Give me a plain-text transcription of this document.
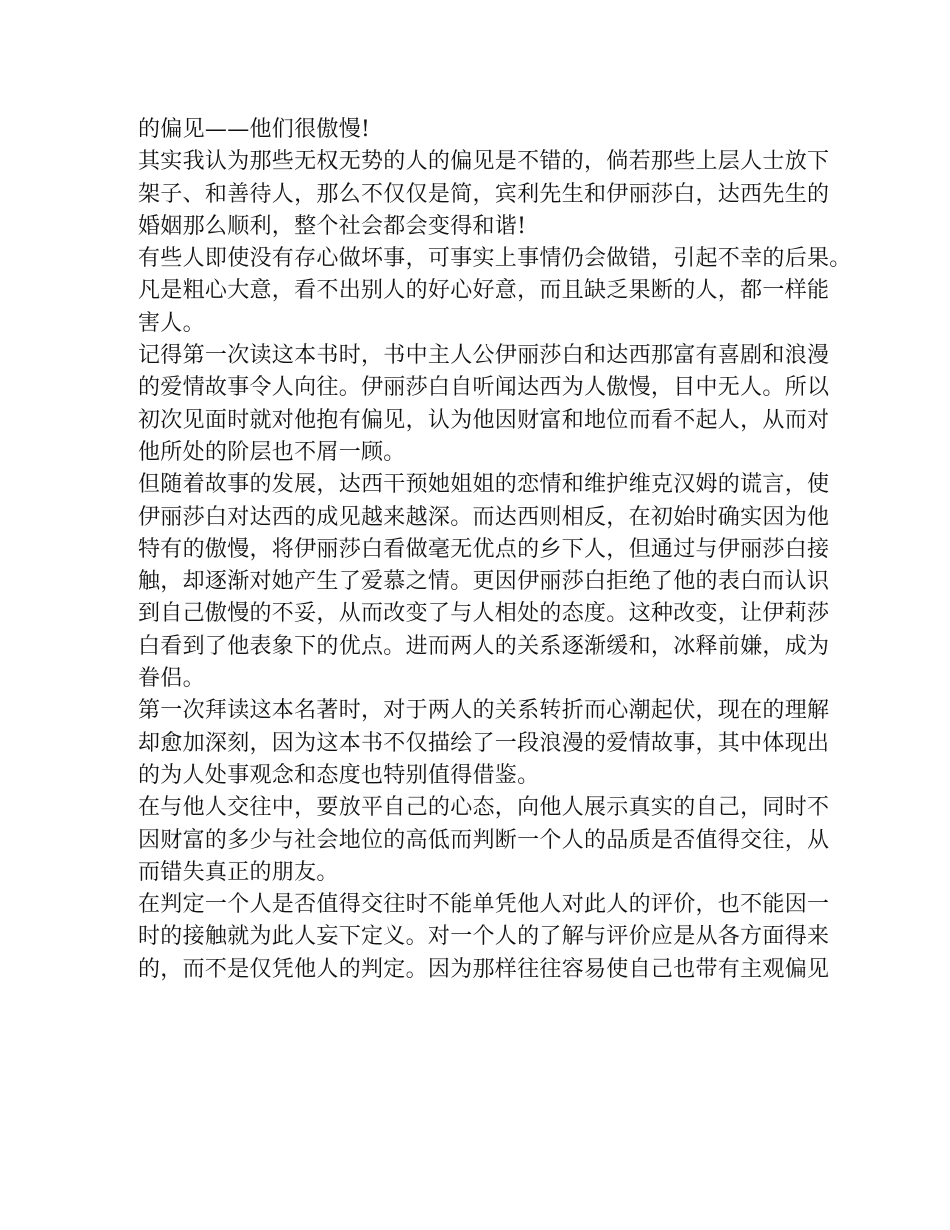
的偏见——他们很傲慢!
其实我认为那些无权无势的人的偏见是不错的，倘若那些上层人士放下
架子、和善待人，那么不仅仅是简，宾利先生和伊丽莎白，达西先生的
婚姻那么顺利，整个社会都会变得和谐!
有些人即使没有存心做坏事，可事实上事情仍会做错，引起不幸的后果。
凡是粗心大意，看不出别人的好心好意，而且缺乏果断的人，都一样能
害人。
记得第一次读这本书时，书中主人公伊丽莎白和达西那富有喜剧和浪漫
的爱情故事令人向往。伊丽莎白自听闻达西为人傲慢，目中无人。所以
初次见面时就对他抱有偏见，认为他因财富和地位而看不起人，从而对
他所处的阶层也不屑一顾。
但随着故事的发展，达西干预她姐姐的恋情和维护维克汉姆的谎言，使
伊丽莎白对达西的成见越来越深。而达西则相反，在初始时确实因为他
特有的傲慢，将伊丽莎白看做毫无优点的乡下人，但通过与伊丽莎白接
触，却逐渐对她产生了爱慕之情。更因伊丽莎白拒绝了他的表白而认识
到自己傲慢的不妥，从而改变了与人相处的态度。这种改变，让伊莉莎
白看到了他表象下的优点。进而两人的关系逐渐缓和，冰释前嫌，成为
眷侣。
第一次拜读这本名著时，对于两人的关系转折而心潮起伏，现在的理解
却愈加深刻，因为这本书不仅描绘了一段浪漫的爱情故事，其中体现出
的为人处事观念和态度也特别值得借鉴。
在与他人交往中，要放平自己的心态，向他人展示真实的自己，同时不
因财富的多少与社会地位的高低而判断一个人的品质是否值得交往，从
而错失真正的朋友。
在判定一个人是否值得交往时不能单凭他人对此人的评价，也不能因一
时的接触就为此人妄下定义。对一个人的了解与评价应是从各方面得来
的，而不是仅凭他人的判定。因为那样往往容易使自己也带有主观偏见
